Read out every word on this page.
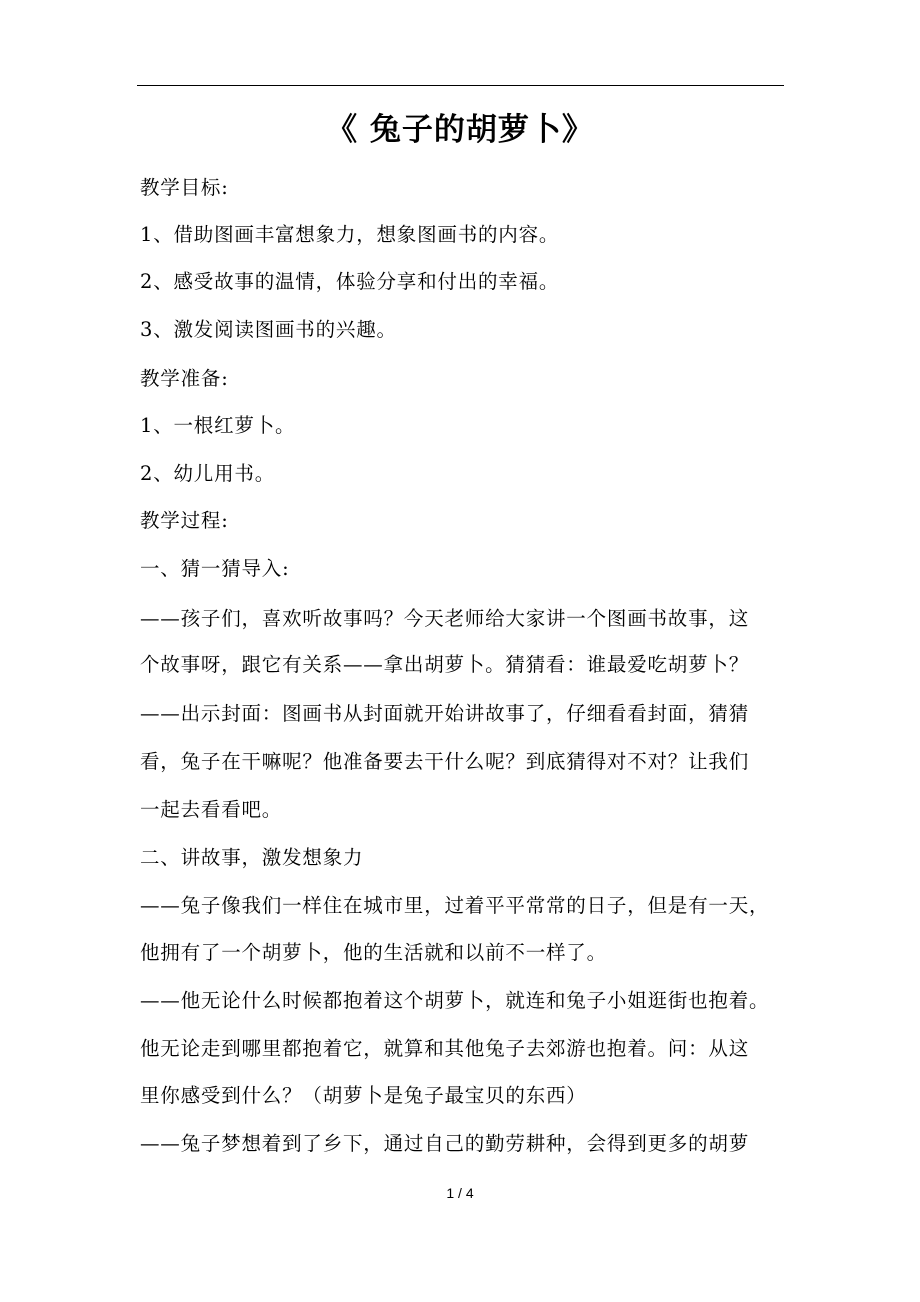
《 兔子的胡萝卜》
教学目标:
1、借助图画丰富想象力，想象图画书的内容。
2、感受故事的温情，体验分享和付出的幸福。
3、激发阅读图画书的兴趣。
教学准备:
1、一根红萝卜。
2、幼儿用书。
教学过程:
一、猜一猜导入:
——孩子们，喜欢听故事吗？今天老师给大家讲一个图画书故事，这
个故事呀，跟它有关系——拿出胡萝卜。猜猜看：谁最爱吃胡萝卜？
——出示封面：图画书从封面就开始讲故事了，仔细看看封面，猜猜
看，兔子在干嘛呢？他准备要去干什么呢？到底猜得对不对？让我们
一起去看看吧。
二、讲故事，激发想象力
——兔子像我们一样住在城市里，过着平平常常的日子，但是有一天，
他拥有了一个胡萝卜，他的生活就和以前不一样了。
——他无论什么时候都抱着这个胡萝卜，就连和兔子小姐逛街也抱着。
他无论走到哪里都抱着它，就算和其他兔子去郊游也抱着。问：从这
里你感受到什么？（胡萝卜是兔子最宝贝的东西）
——兔子梦想着到了乡下，通过自己的勤劳耕种，会得到更多的胡萝
1 / 4
